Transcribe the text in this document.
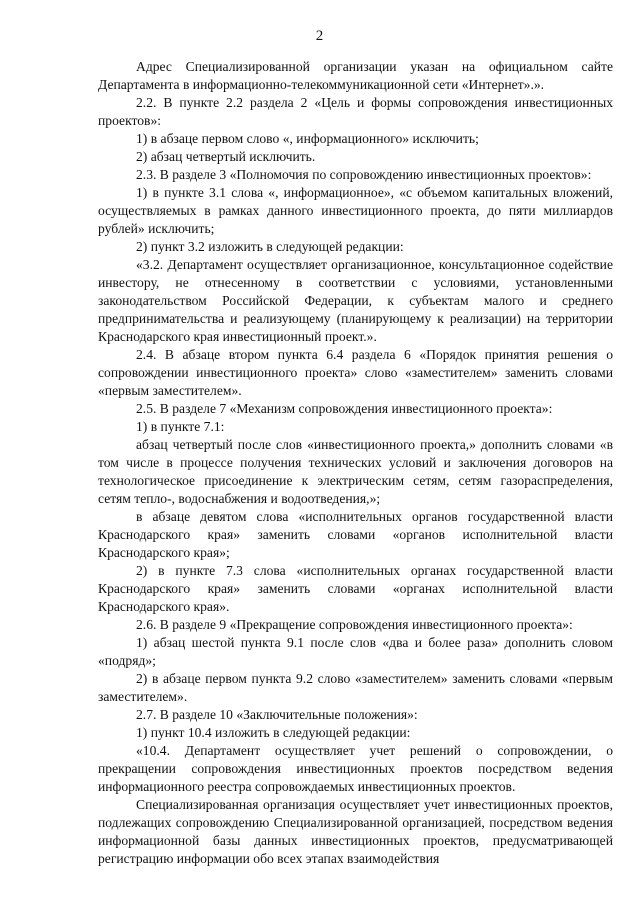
2

Адрес Специализированной организации указан на официальном сайте Департамента в информационно-телекоммуникационной сети «Интернет».».

2.2. В пункте 2.2 раздела 2 «Цель и формы сопровождения инвестиционных проектов»:

1) в абзаце первом слово «, информационного» исключить;

2) абзац четвертый исключить.

2.3. В разделе 3 «Полномочия по сопровождению инвестиционных проектов»:

1) в пункте 3.1 слова «, информационное», «с объемом капитальных вложений, осуществляемых в рамках данного инвестиционного проекта, до пяти миллиардов рублей» исключить;

2) пункт 3.2 изложить в следующей редакции:

«3.2. Департамент осуществляет организационное, консультационное содействие инвестору, не отнесенному в соответствии с условиями, установленными законодательством Российской Федерации, к субъектам малого и среднего предпринимательства и реализующему (планирующему к реализации) на территории Краснодарского края инвестиционный проект.».

2.4. В абзаце втором пункта 6.4 раздела 6 «Порядок принятия решения о сопровождении инвестиционного проекта» слово «заместителем» заменить словами «первым заместителем».

2.5. В разделе 7 «Механизм сопровождения инвестиционного проекта»:

1) в пункте 7.1:

абзац четвертый после слов «инвестиционного проекта,» дополнить словами «в том числе в процессе получения технических условий и заключения договоров на технологическое присоединение к электрическим сетям, сетям газораспределения, сетям тепло-, водоснабжения и водоотведения,»;

в абзаце девятом слова «исполнительных органов государственной власти Краснодарского края» заменить словами «органов исполнительной власти Краснодарского края»;

2) в пункте 7.3 слова «исполнительных органах государственной власти Краснодарского края» заменить словами «органах исполнительной власти Краснодарского края».

2.6. В разделе 9 «Прекращение сопровождения инвестиционного проекта»:

1) абзац шестой пункта 9.1 после слов «два и более раза» дополнить словом «подряд»;

2) в абзаце первом пункта 9.2 слово «заместителем» заменить словами «первым заместителем».

2.7. В разделе 10 «Заключительные положения»:

1) пункт 10.4 изложить в следующей редакции:

«10.4. Департамент осуществляет учет решений о сопровождении, о прекращении сопровождения инвестиционных проектов посредством ведения информационного реестра сопровождаемых инвестиционных проектов.

Специализированная организация осуществляет учет инвестиционных проектов, подлежащих сопровождению Специализированной организацией, посредством ведения информационной базы данных инвестиционных проектов, предусматривающей регистрацию информации обо всех этапах взаимодействия
